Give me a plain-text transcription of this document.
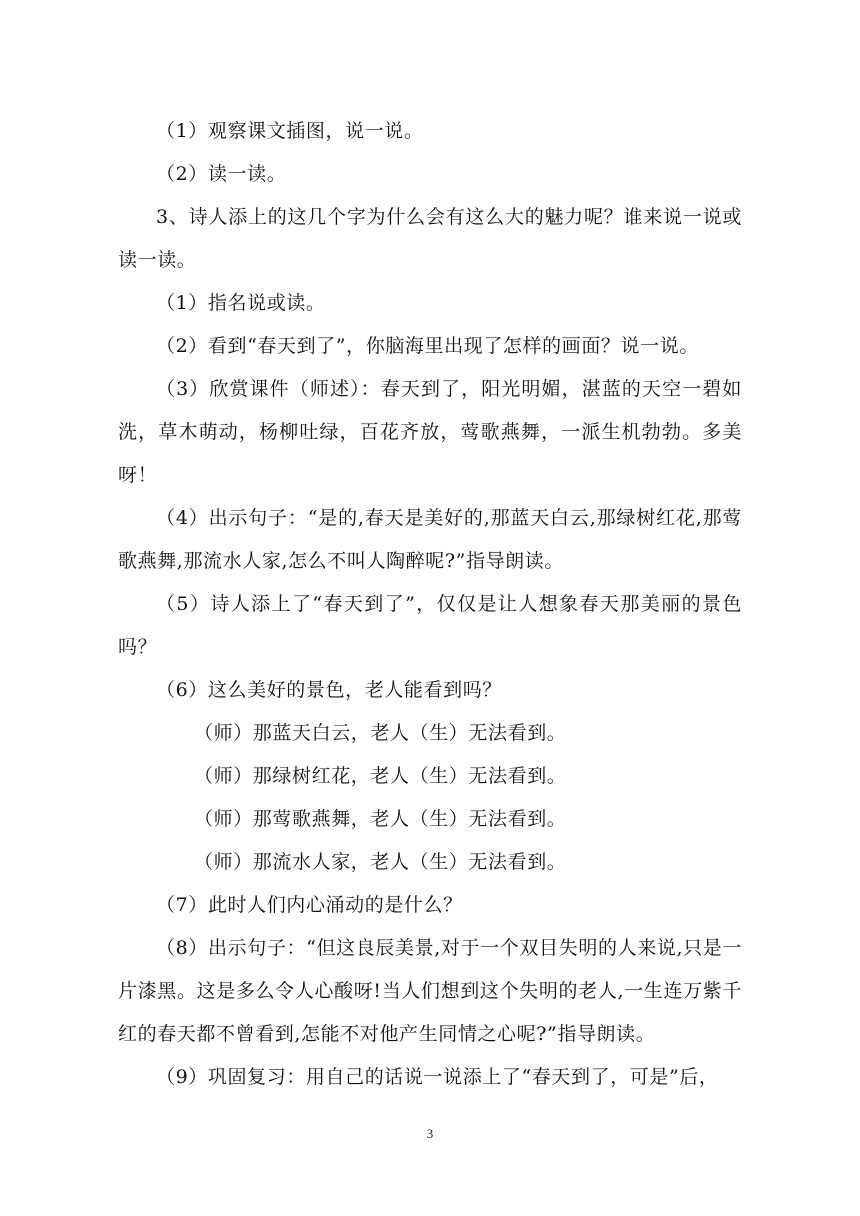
（1）观察课文插图，说一说。
（2）读一读。
3、诗人添上的这几个字为什么会有这么大的魅力呢？谁来说一说或读一读。
（1）指名说或读。
（2）看到“春天到了”，你脑海里出现了怎样的画面？说一说。
（3）欣赏课件（师述）：春天到了，阳光明媚，湛蓝的天空一碧如洗，草木萌动，杨柳吐绿，百花齐放，莺歌燕舞，一派生机勃勃。多美呀！
（4）出示句子：“是的,春天是美好的,那蓝天白云,那绿树红花,那莺歌燕舞,那流水人家,怎么不叫人陶醉呢?”指导朗读。
（5）诗人添上了“春天到了”，仅仅是让人想象春天那美丽的景色吗？
（6）这么美好的景色，老人能看到吗？
（师）那蓝天白云，老人（生）无法看到。
（师）那绿树红花，老人（生）无法看到。
（师）那莺歌燕舞，老人（生）无法看到。
（师）那流水人家，老人（生）无法看到。
（7）此时人们内心涌动的是什么？
（8）出示句子：“但这良辰美景,对于一个双目失明的人来说,只是一片漆黑。这是多么令人心酸呀!当人们想到这个失明的老人,一生连万紫千红的春天都不曾看到,怎能不对他产生同情之心呢?”指导朗读。
（9）巩固复习：用自己的话说一说添上了“春天到了，可是”后，
3
